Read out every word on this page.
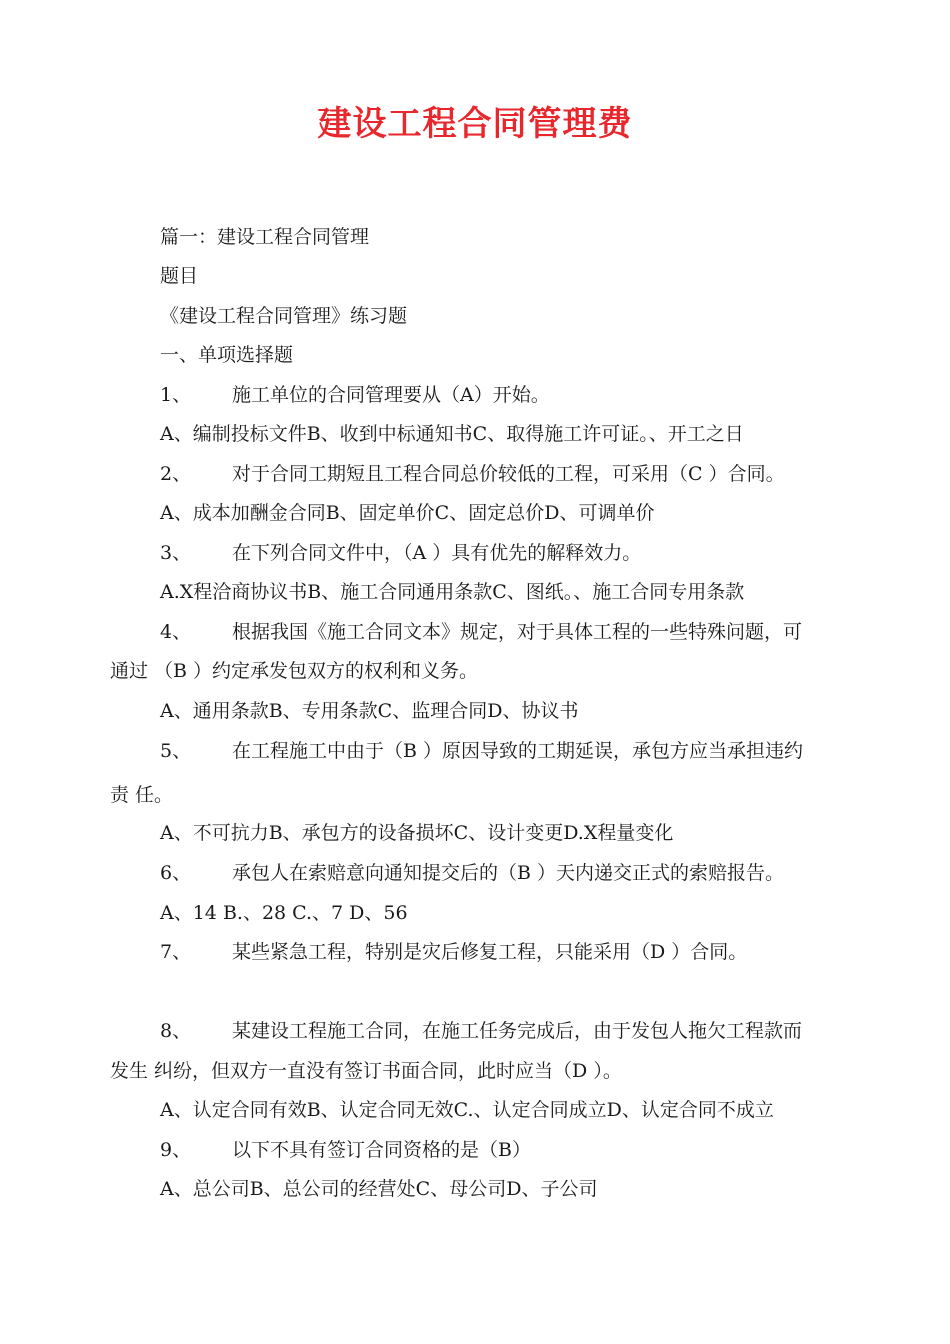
建设工程合同管理费

篇一：建设工程合同管理

题目

《建设工程合同管理》练习题

一、单项选择题

1、 施工单位的合同管理要从（A）开始。

A、编制投标文件B、收到中标通知书C、取得施工许可证。、开工之日

2、 对于合同工期短且工程合同总价较低的工程，可采用（C ）合同。

A、成本加酬金合同B、固定单价C、固定总价D、可调单价

3、 在下列合同文件中，（A ）具有优先的解释效力。

A.X程洽商协议书B、施工合同通用条款C、图纸。、施工合同专用条款

4、 根据我国《施工合同文本》规定，对于具体工程的一些特殊问题，可

通过 （B ）约定承发包双方的权利和义务。

A、通用条款B、专用条款C、监理合同D、协议书

5、 在工程施工中由于（B ）原因导致的工期延误，承包方应当承担违约

责 任。

A、不可抗力B、承包方的设备损坏C、设计变更D.X程量变化

6、 承包人在索赔意向通知提交后的（B ）天内递交正式的索赔报告。

A、14 B.、28 C.、7 D、56

7、 某些紧急工程，特别是灾后修复工程，只能采用（D ）合同。

8、 某建设工程施工合同，在施工任务完成后，由于发包人拖欠工程款而

发生 纠纷，但双方一直没有签订书面合同，此时应当（D ）。

A、认定合同有效B、认定合同无效C.、认定合同成立D、认定合同不成立

9、 以下不具有签订合同资格的是（B）

A、总公司B、总公司的经营处C、母公司D、子公司
